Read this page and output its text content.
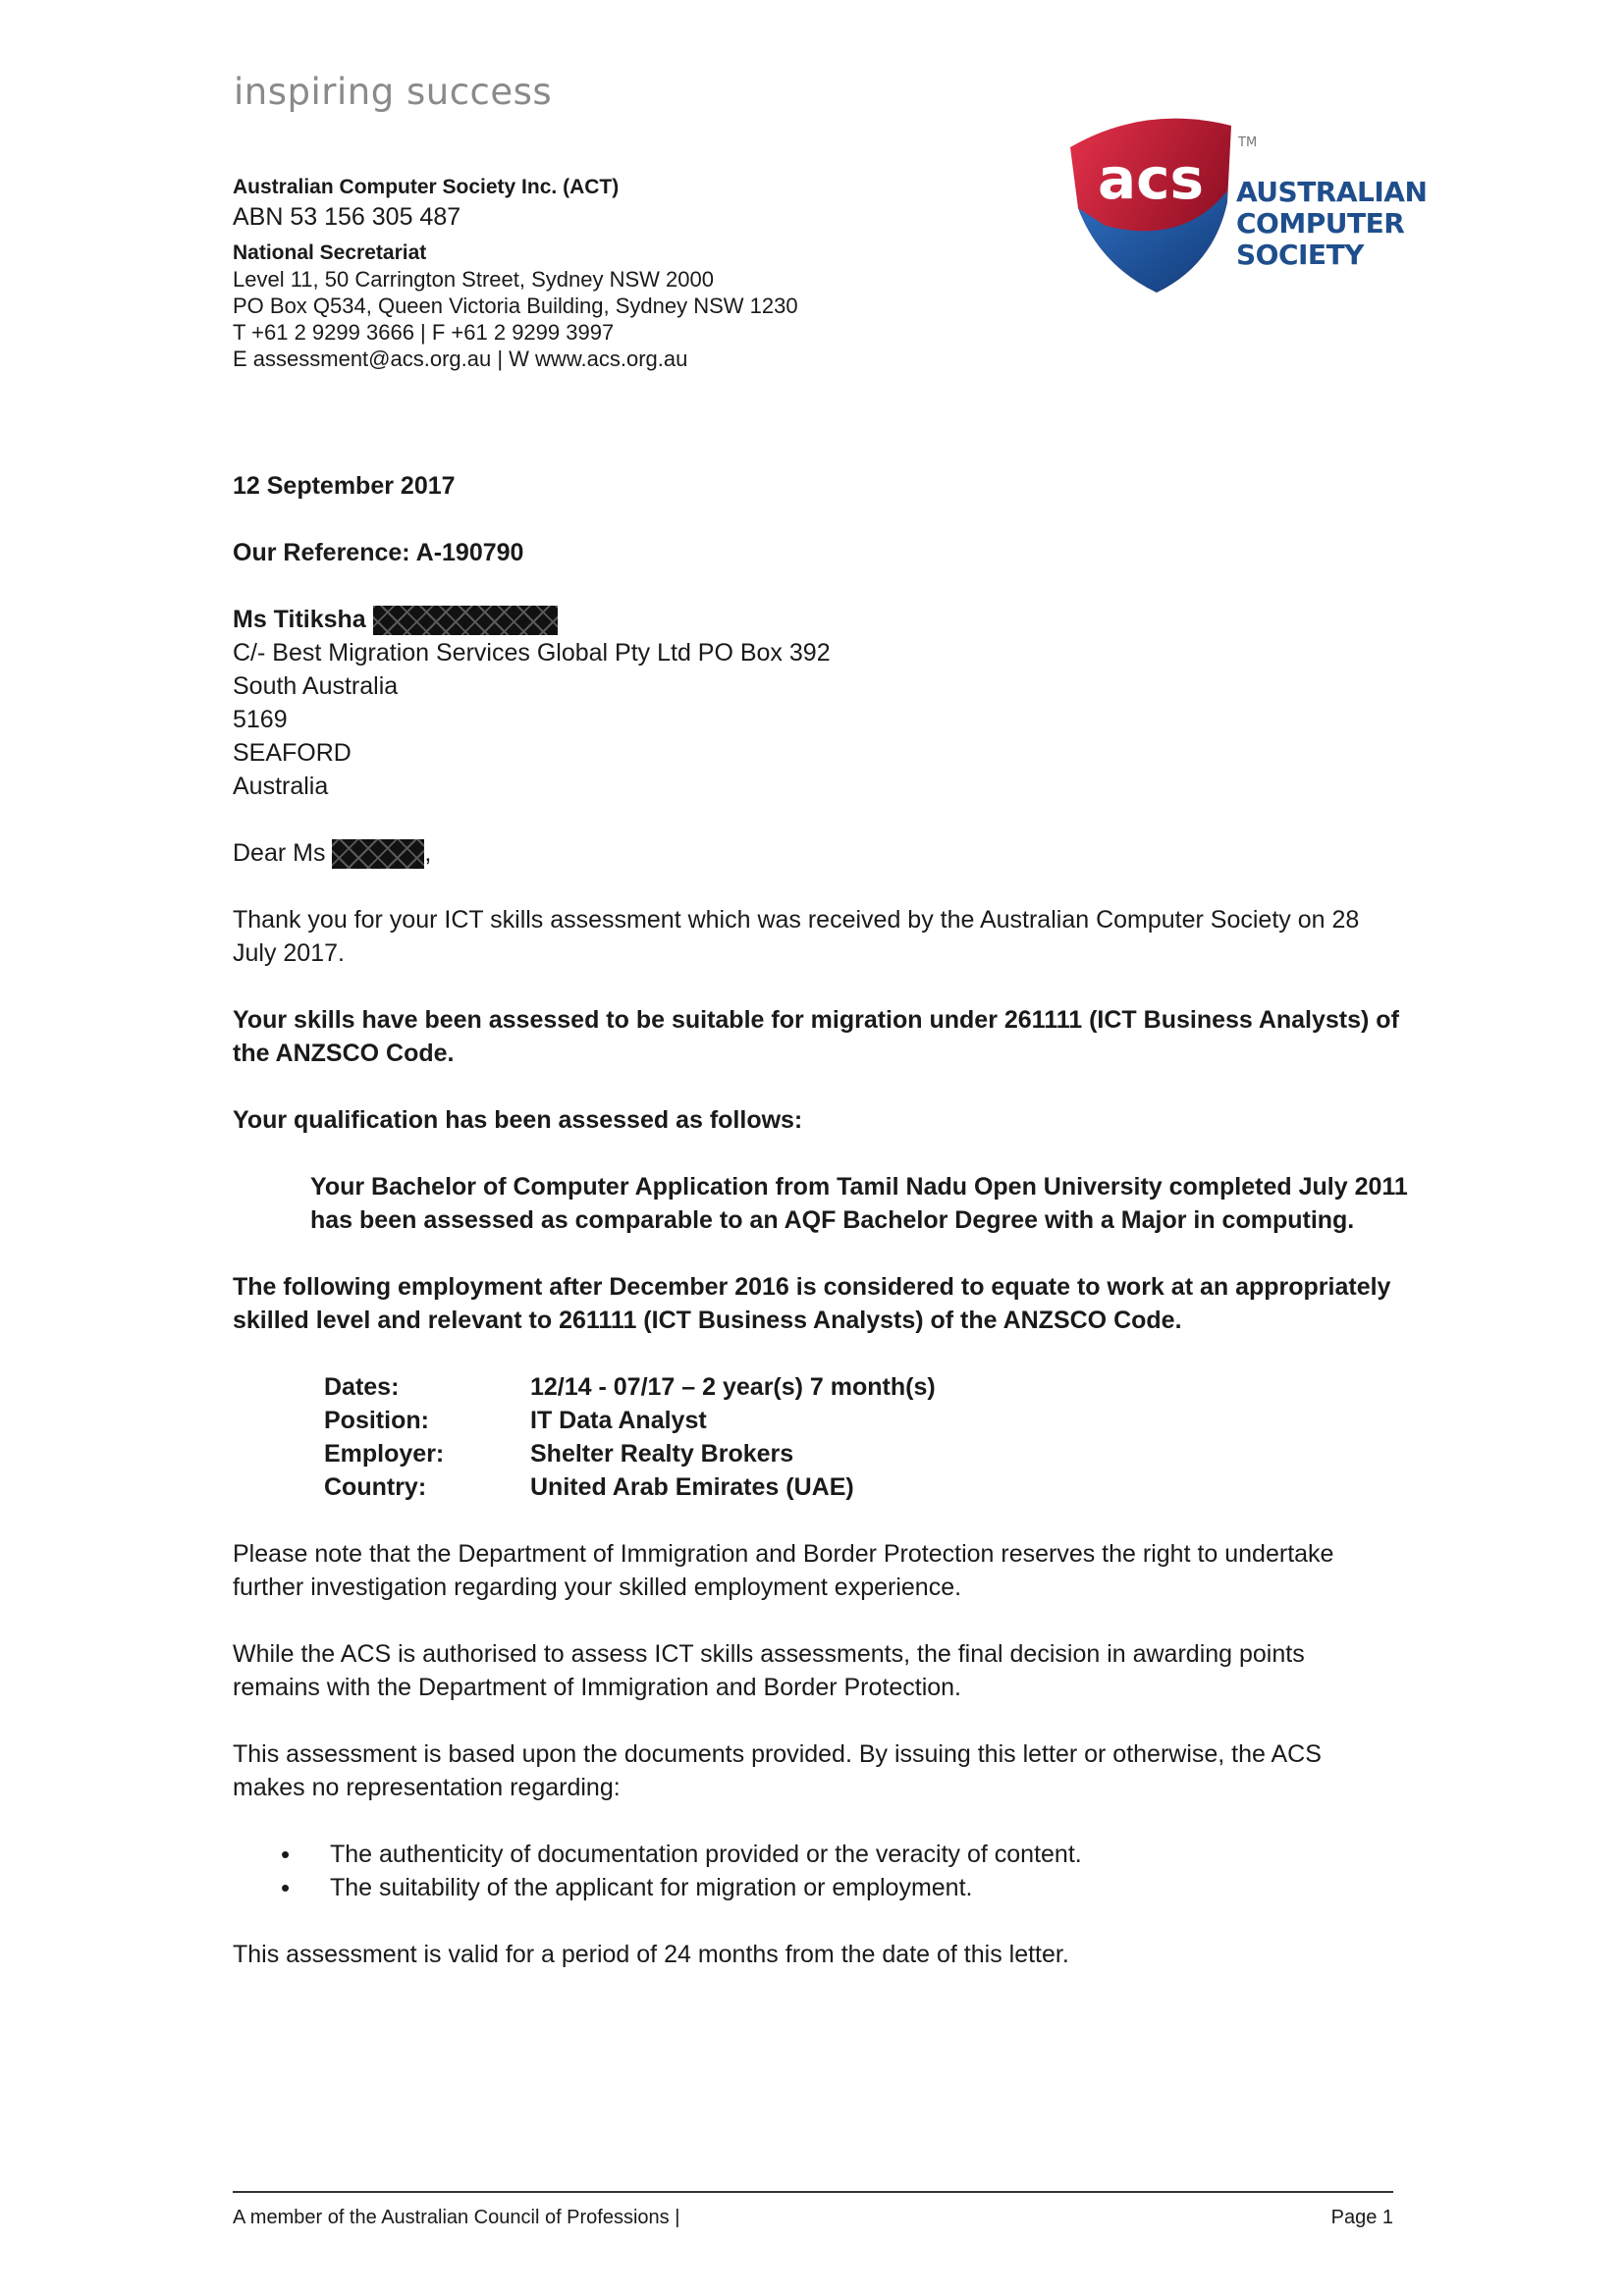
inspiring success
Australian Computer Society Inc. (ACT)
ABN 53 156 305 487
National Secretariat
Level 11, 50 Carrington Street, Sydney NSW 2000
PO Box Q534, Queen Victoria Building, Sydney NSW 1230
T +61 2 9299 3666 | F +61 2 9299 3997
E assessment@acs.org.au | W www.acs.org.au
acs
TM
AUSTRALIAN
COMPUTER
SOCIETY
12 September 2017
Our Reference: A-190790
Ms Titiksha
C/- Best Migration Services Global Pty Ltd PO Box 392
South Australia
5169
SEAFORD
Australia
Dear Ms	,
Thank you for your ICT skills assessment which was received by the Australian Computer Society on 28
July 2017.
Your skills have been assessed to be suitable for migration under 261111 (ICT Business Analysts) of
the ANZSCO Code.
Your qualification has been assessed as follows:
Your Bachelor of Computer Application from Tamil Nadu Open University completed July 2011
has been assessed as comparable to an AQF Bachelor Degree with a Major in computing.
The following employment after December 2016 is considered to equate to work at an appropriately
skilled level and relevant to 261111 (ICT Business Analysts) of the ANZSCO Code.
Dates:	12/14 - 07/17 – 2 year(s) 7 month(s)
Position:	IT Data Analyst
Employer:	Shelter Realty Brokers
Country:	United Arab Emirates (UAE)
Please note that the Department of Immigration and Border Protection reserves the right to undertake
further investigation regarding your skilled employment experience.
While the ACS is authorised to assess ICT skills assessments, the final decision in awarding points
remains with the Department of Immigration and Border Protection.
This assessment is based upon the documents provided. By issuing this letter or otherwise, the ACS
makes no representation regarding:
• The authenticity of documentation provided or the veracity of content.
• The suitability of the applicant for migration or employment.
This assessment is valid for a period of 24 months from the date of this letter.
A member of the Australian Council of Professions |	Page 1
